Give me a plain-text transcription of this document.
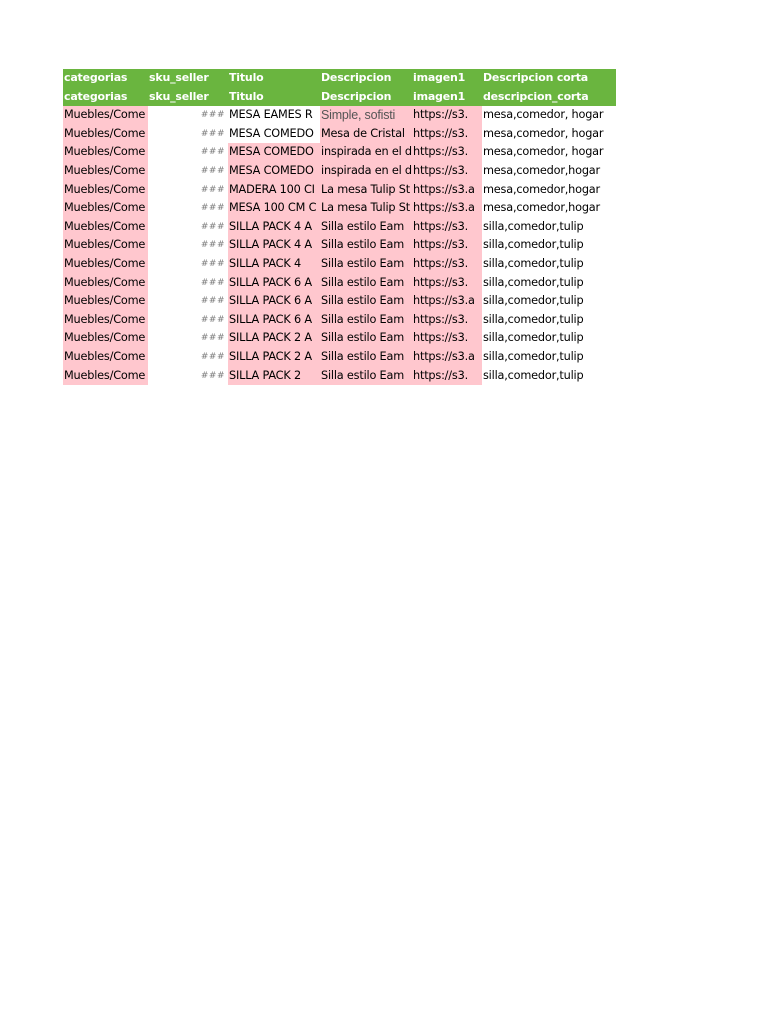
categorias	sku_seller	Titulo	Descripcion	imagen1	Descripcion corta
categorias	sku_seller	Titulo	Descripcion	imagen1	descripcion_corta
Muebles/Come	###	MESA EAMES R	Simple, sofisti	https://s3.	mesa,comedor, hogar
Muebles/Come	###	MESA COMEDO	Mesa de Cristal	https://s3.	mesa,comedor, hogar
Muebles/Come	###	MESA COMEDO	inspirada en el d	https://s3.	mesa,comedor, hogar
Muebles/Come	###	MESA COMEDO	inspirada en el d	https://s3.	mesa,comedor,hogar
Muebles/Come	###	MADERA 100 CI	La mesa Tulip St	https://s3.a	mesa,comedor,hogar
Muebles/Come	###	MESA 100 CM C	La mesa Tulip St	https://s3.a	mesa,comedor,hogar
Muebles/Come	###	SILLA PACK 4 A	Silla estilo Eam	https://s3.	silla,comedor,tulip
Muebles/Come	###	SILLA PACK 4 A	Silla estilo Eam	https://s3.	silla,comedor,tulip
Muebles/Come	###	SILLA PACK 4	Silla estilo Eam	https://s3.	silla,comedor,tulip
Muebles/Come	###	SILLA PACK 6 A	Silla estilo Eam	https://s3.	silla,comedor,tulip
Muebles/Come	###	SILLA PACK 6 A	Silla estilo Eam	https://s3.a	silla,comedor,tulip
Muebles/Come	###	SILLA PACK 6 A	Silla estilo Eam	https://s3.	silla,comedor,tulip
Muebles/Come	###	SILLA PACK 2 A	Silla estilo Eam	https://s3.	silla,comedor,tulip
Muebles/Come	###	SILLA PACK 2 A	Silla estilo Eam	https://s3.a	silla,comedor,tulip
Muebles/Come	###	SILLA PACK 2	Silla estilo Eam	https://s3.	silla,comedor,tulip
